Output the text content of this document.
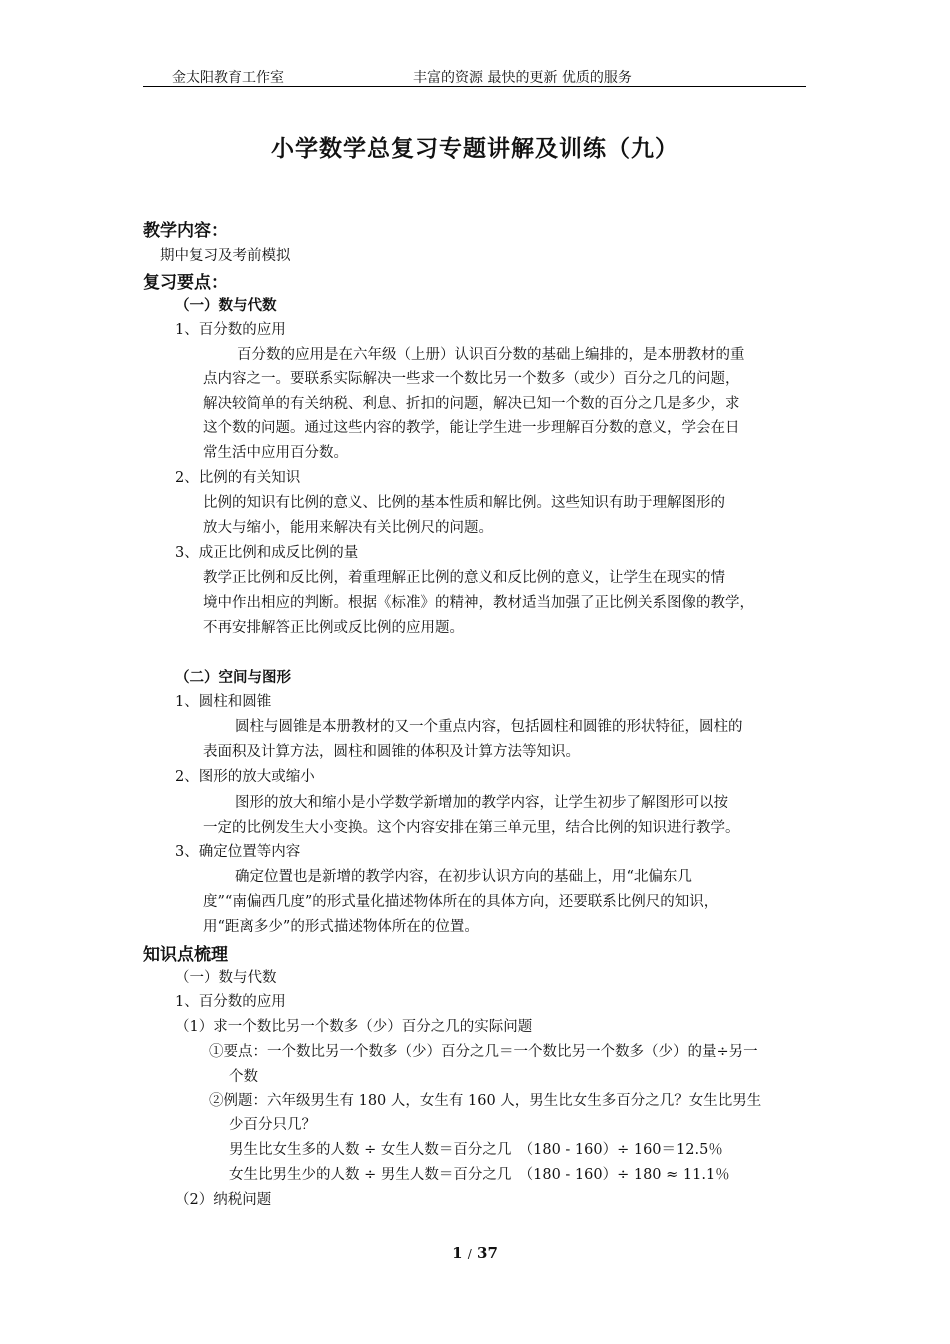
金太阳教育工作室	丰富的资源 最快的更新 优质的服务
小学数学总复习专题讲解及训练（九）
教学内容：
期中复习及考前模拟
复习要点：
（一）数与代数
1、百分数的应用
百分数的应用是在六年级（上册）认识百分数的基础上编排的，是本册教材的重
点内容之一。要联系实际解决一些求一个数比另一个数多（或少）百分之几的问题，
解决较简单的有关纳税、利息、折扣的问题，解决已知一个数的百分之几是多少，求
这个数的问题。通过这些内容的教学，能让学生进一步理解百分数的意义，学会在日
常生活中应用百分数。
2、比例的有关知识
比例的知识有比例的意义、比例的基本性质和解比例。这些知识有助于理解图形的
放大与缩小，能用来解决有关比例尺的问题。
3、成正比例和成反比例的量
教学正比例和反比例，着重理解正比例的意义和反比例的意义，让学生在现实的情
境中作出相应的判断。根据《标准》的精神，教材适当加强了正比例关系图像的教学，
不再安排解答正比例或反比例的应用题。
（二）空间与图形
1、圆柱和圆锥
圆柱与圆锥是本册教材的又一个重点内容，包括圆柱和圆锥的形状特征，圆柱的
表面积及计算方法，圆柱和圆锥的体积及计算方法等知识。
2、图形的放大或缩小
图形的放大和缩小是小学数学新增加的教学内容，让学生初步了解图形可以按
一定的比例发生大小变换。这个内容安排在第三单元里，结合比例的知识进行教学。
3、确定位置等内容
确定位置也是新增的教学内容，在初步认识方向的基础上，用“北偏东几
度”“南偏西几度”的形式量化描述物体所在的具体方向，还要联系比例尺的知识，
用“距离多少”的形式描述物体所在的位置。
知识点梳理
（一）数与代数
1、百分数的应用
（1）求一个数比另一个数多（少）百分之几的实际问题
①要点：一个数比另一个数多（少）百分之几＝一个数比另一个数多（少）的量÷另一
个数
②例题：六年级男生有 180 人，女生有 160 人，男生比女生多百分之几？女生比男生
少百分只几？
男生比女生多的人数 ÷ 女生人数＝百分之几　（180 - 160）÷ 160＝12.5％
女生比男生少的人数 ÷ 男生人数＝百分之几　（180 - 160）÷ 180 ≈ 11.1％
（2）纳税问题
1 / 37
